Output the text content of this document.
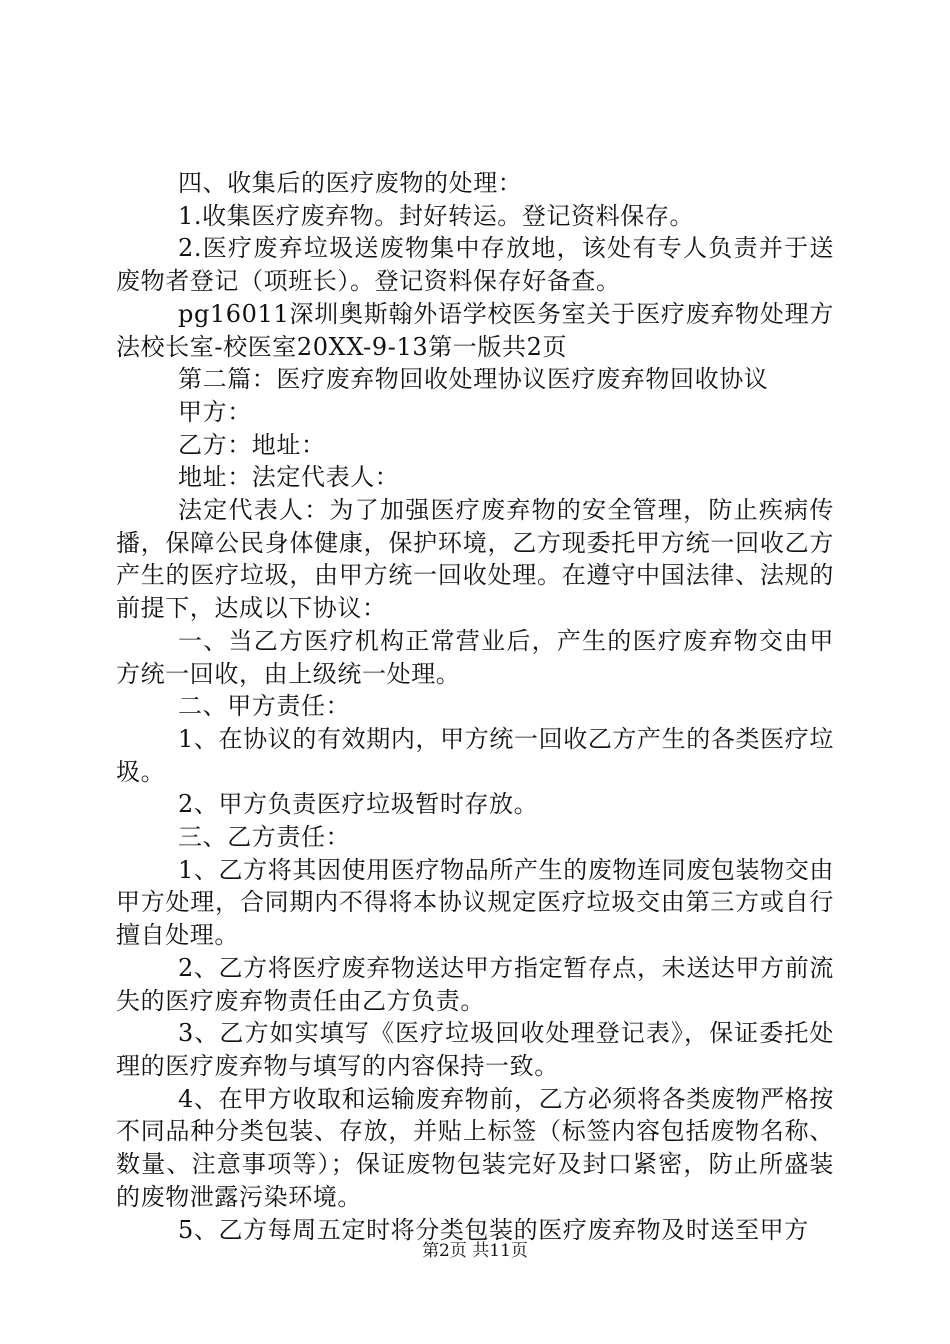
四、收集后的医疗废物的处理：

1.收集医疗废弃物。封好转运。登记资料保存。

2.医疗废弃垃圾送废物集中存放地，该处有专人负责并于送废物者登记（项班长）。登记资料保存好备查。

pg16011深圳奥斯翰外语学校医务室关于医疗废弃物处理方法校长室-校医室20XX-9-13第一版共2页

第二篇：医疗废弃物回收处理协议医疗废弃物回收协议

甲方：

乙方：地址：

地址：法定代表人：

法定代表人：为了加强医疗废弃物的安全管理，防止疾病传播，保障公民身体健康，保护环境，乙方现委托甲方统一回收乙方产生的医疗垃圾，由甲方统一回收处理。在遵守中国法律、法规的前提下，达成以下协议：

一、当乙方医疗机构正常营业后，产生的医疗废弃物交由甲方统一回收，由上级统一处理。

二、甲方责任：

1、在协议的有效期内，甲方统一回收乙方产生的各类医疗垃圾。

2、甲方负责医疗垃圾暂时存放。

三、乙方责任：

1、乙方将其因使用医疗物品所产生的废物连同废包装物交由甲方处理，合同期内不得将本协议规定医疗垃圾交由第三方或自行擅自处理。

2、乙方将医疗废弃物送达甲方指定暂存点，未送达甲方前流失的医疗废弃物责任由乙方负责。

3、乙方如实填写《医疗垃圾回收处理登记表》，保证委托处理的医疗废弃物与填写的内容保持一致。

4、在甲方收取和运输废弃物前，乙方必须将各类废物严格按不同品种分类包装、存放，并贴上标签（标签内容包括废物名称、数量、注意事项等）；保证废物包装完好及封口紧密，防止所盛装的废物泄露污染环境。

5、乙方每周五定时将分类包装的医疗废弃物及时送至甲方

第2页 共11页
